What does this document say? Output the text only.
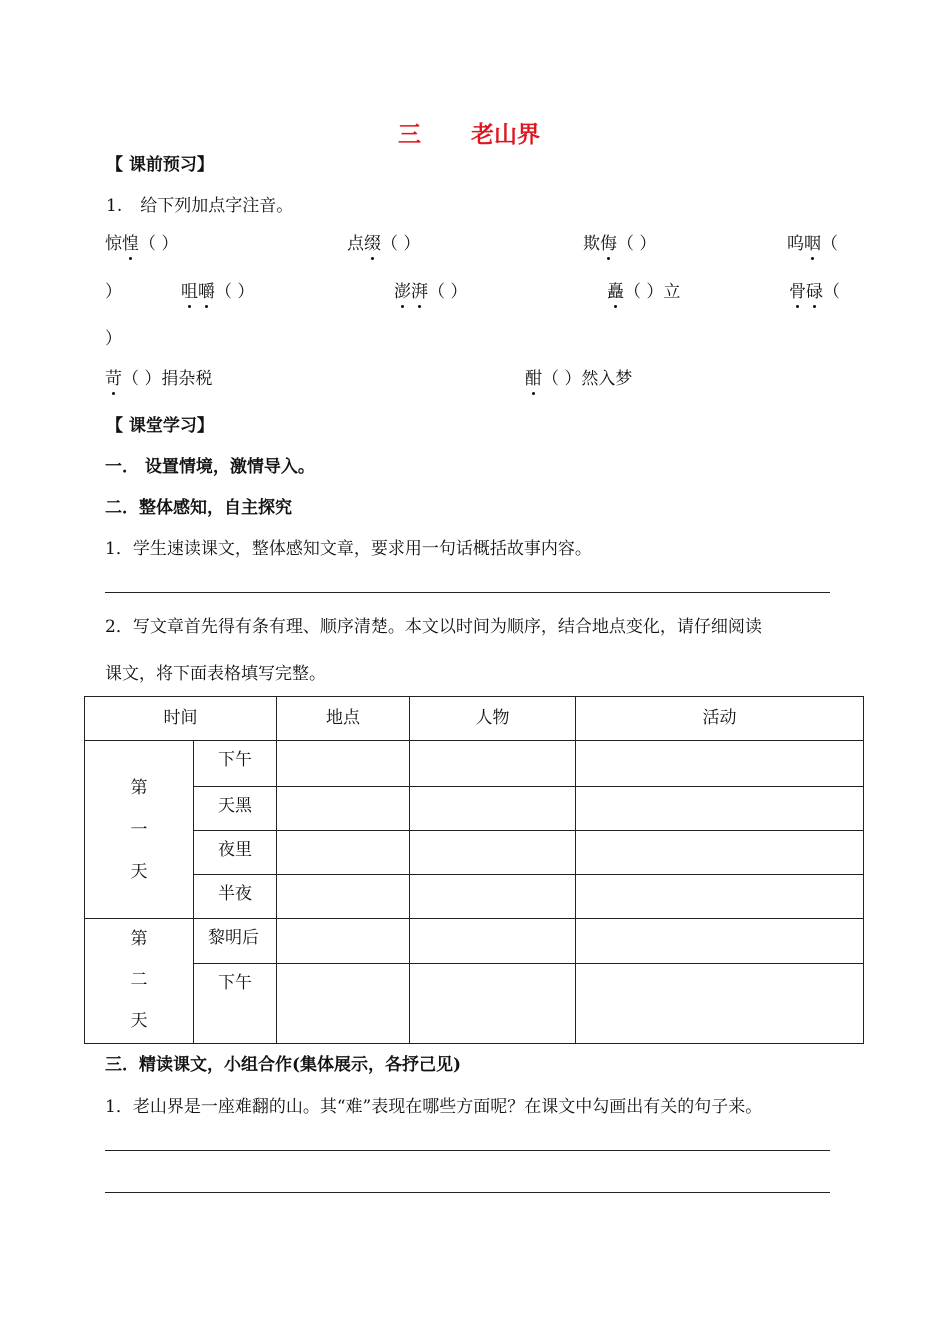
三 老山界
【 课前预习】
1. 给下列加点字注音。
惊惶（ ）	点缀（ ）	欺侮（ ）	呜咽（
）	咀嚼（ ）	澎湃（ ）	矗（ ）立	骨碌（
）
苛（ ）捐杂税	酣（ ）然入梦
【 课堂学习】
一． 设置情境，激情导入。
二．整体感知，自主探究
1．学生速读课文，整体感知文章，要求用一句话概括故事内容。
2．写文章首先得有条有理、顺序清楚。本文以时间为顺序，结合地点变化，请仔细阅读
课文，将下面表格填写完整。
时间		地点	人物	活动

第
一
天	下午			
	天黑			
	夜里			
	半夜			

第
二
天	黎明后			
	下午			
三．精读课文，小组合作(集体展示，各抒己见)
1．老山界是一座难翻的山。其“难”表现在哪些方面呢？在课文中勾画出有关的句子来。
